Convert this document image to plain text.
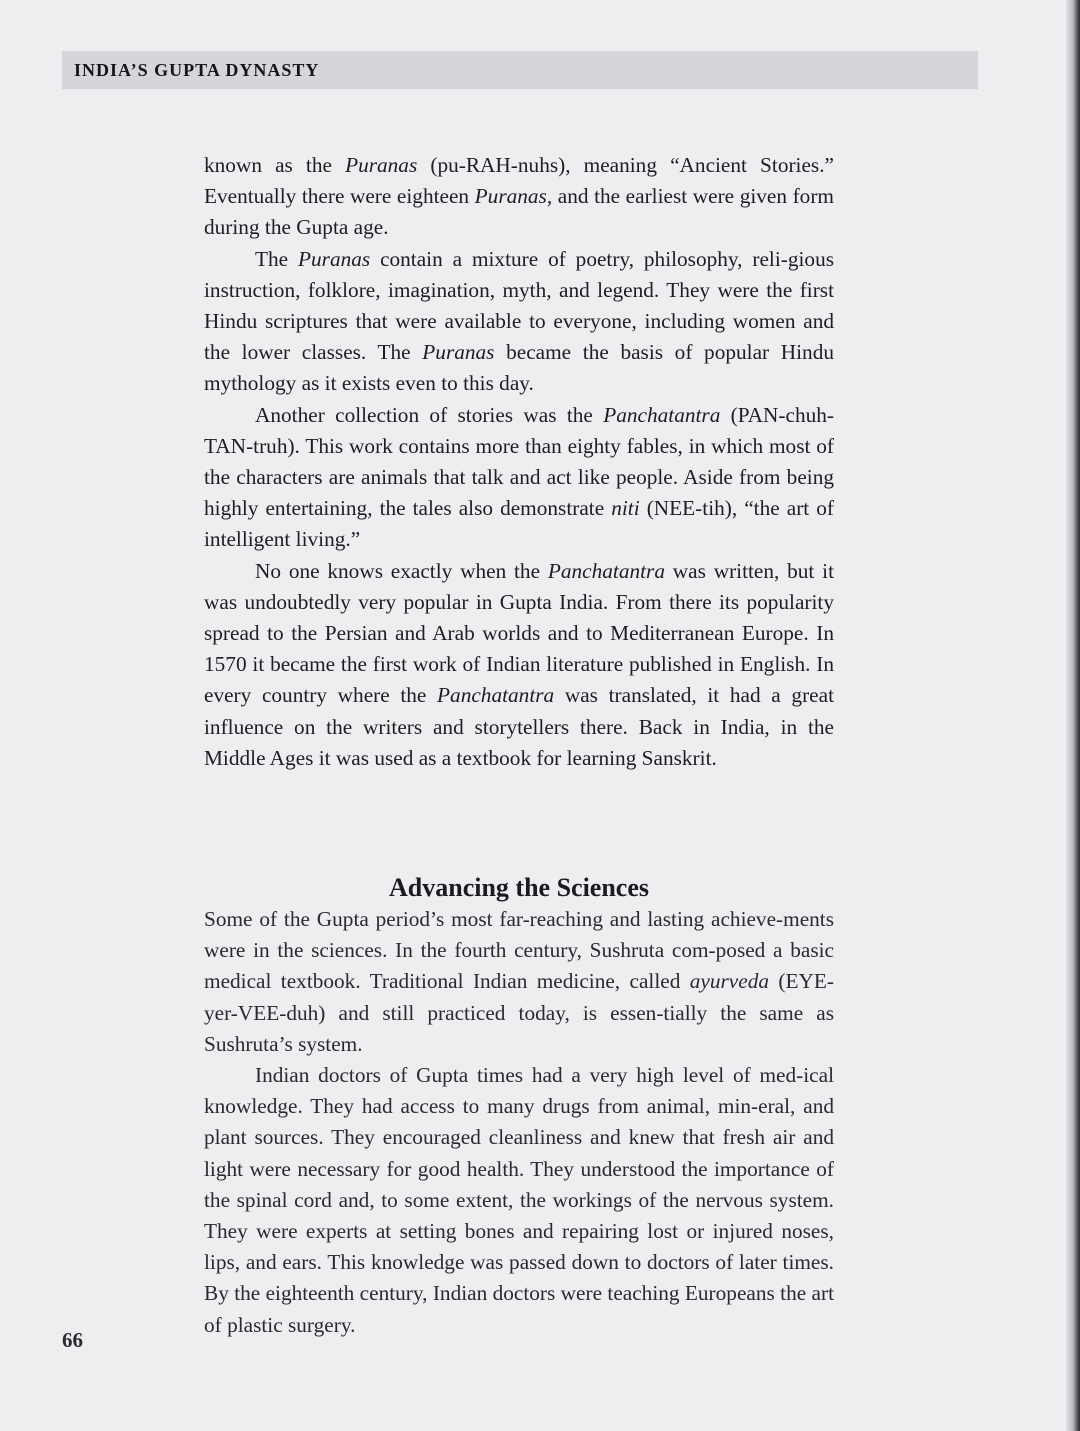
INDIA’S GUPTA DYNASTY

known as the Puranas (pu-RAH-nuhs), meaning “Ancient Stories.” Eventually there were eighteen Puranas, and the earliest were given form during the Gupta age.

The Puranas contain a mixture of poetry, philosophy, reli-gious instruction, folklore, imagination, myth, and legend. They were the first Hindu scriptures that were available to everyone, including women and the lower classes. The Puranas became the basis of popular Hindu mythology as it exists even to this day.

Another collection of stories was the Panchatantra (PAN-chuh-TAN-truh). This work contains more than eighty fables, in which most of the characters are animals that talk and act like people. Aside from being highly entertaining, the tales also demonstrate niti (NEE-tih), “the art of intelligent living.”

No one knows exactly when the Panchatantra was written, but it was undoubtedly very popular in Gupta India. From there its popularity spread to the Persian and Arab worlds and to Mediterranean Europe. In 1570 it became the first work of Indian literature published in English. In every country where the Panchatantra was translated, it had a great influence on the writers and storytellers there. Back in India, in the Middle Ages it was used as a textbook for learning Sanskrit.

Advancing the Sciences

Some of the Gupta period’s most far-reaching and lasting achieve-ments were in the sciences. In the fourth century, Sushruta com-posed a basic medical textbook. Traditional Indian medicine, called ayurveda (EYE-yer-VEE-duh) and still practiced today, is essen-tially the same as Sushruta’s system.

Indian doctors of Gupta times had a very high level of med-ical knowledge. They had access to many drugs from animal, min-eral, and plant sources. They encouraged cleanliness and knew that fresh air and light were necessary for good health. They understood the importance of the spinal cord and, to some extent, the workings of the nervous system. They were experts at setting bones and repairing lost or injured noses, lips, and ears. This knowledge was passed down to doctors of later times. By the eighteenth century, Indian doctors were teaching Europeans the art of plastic surgery.

66
